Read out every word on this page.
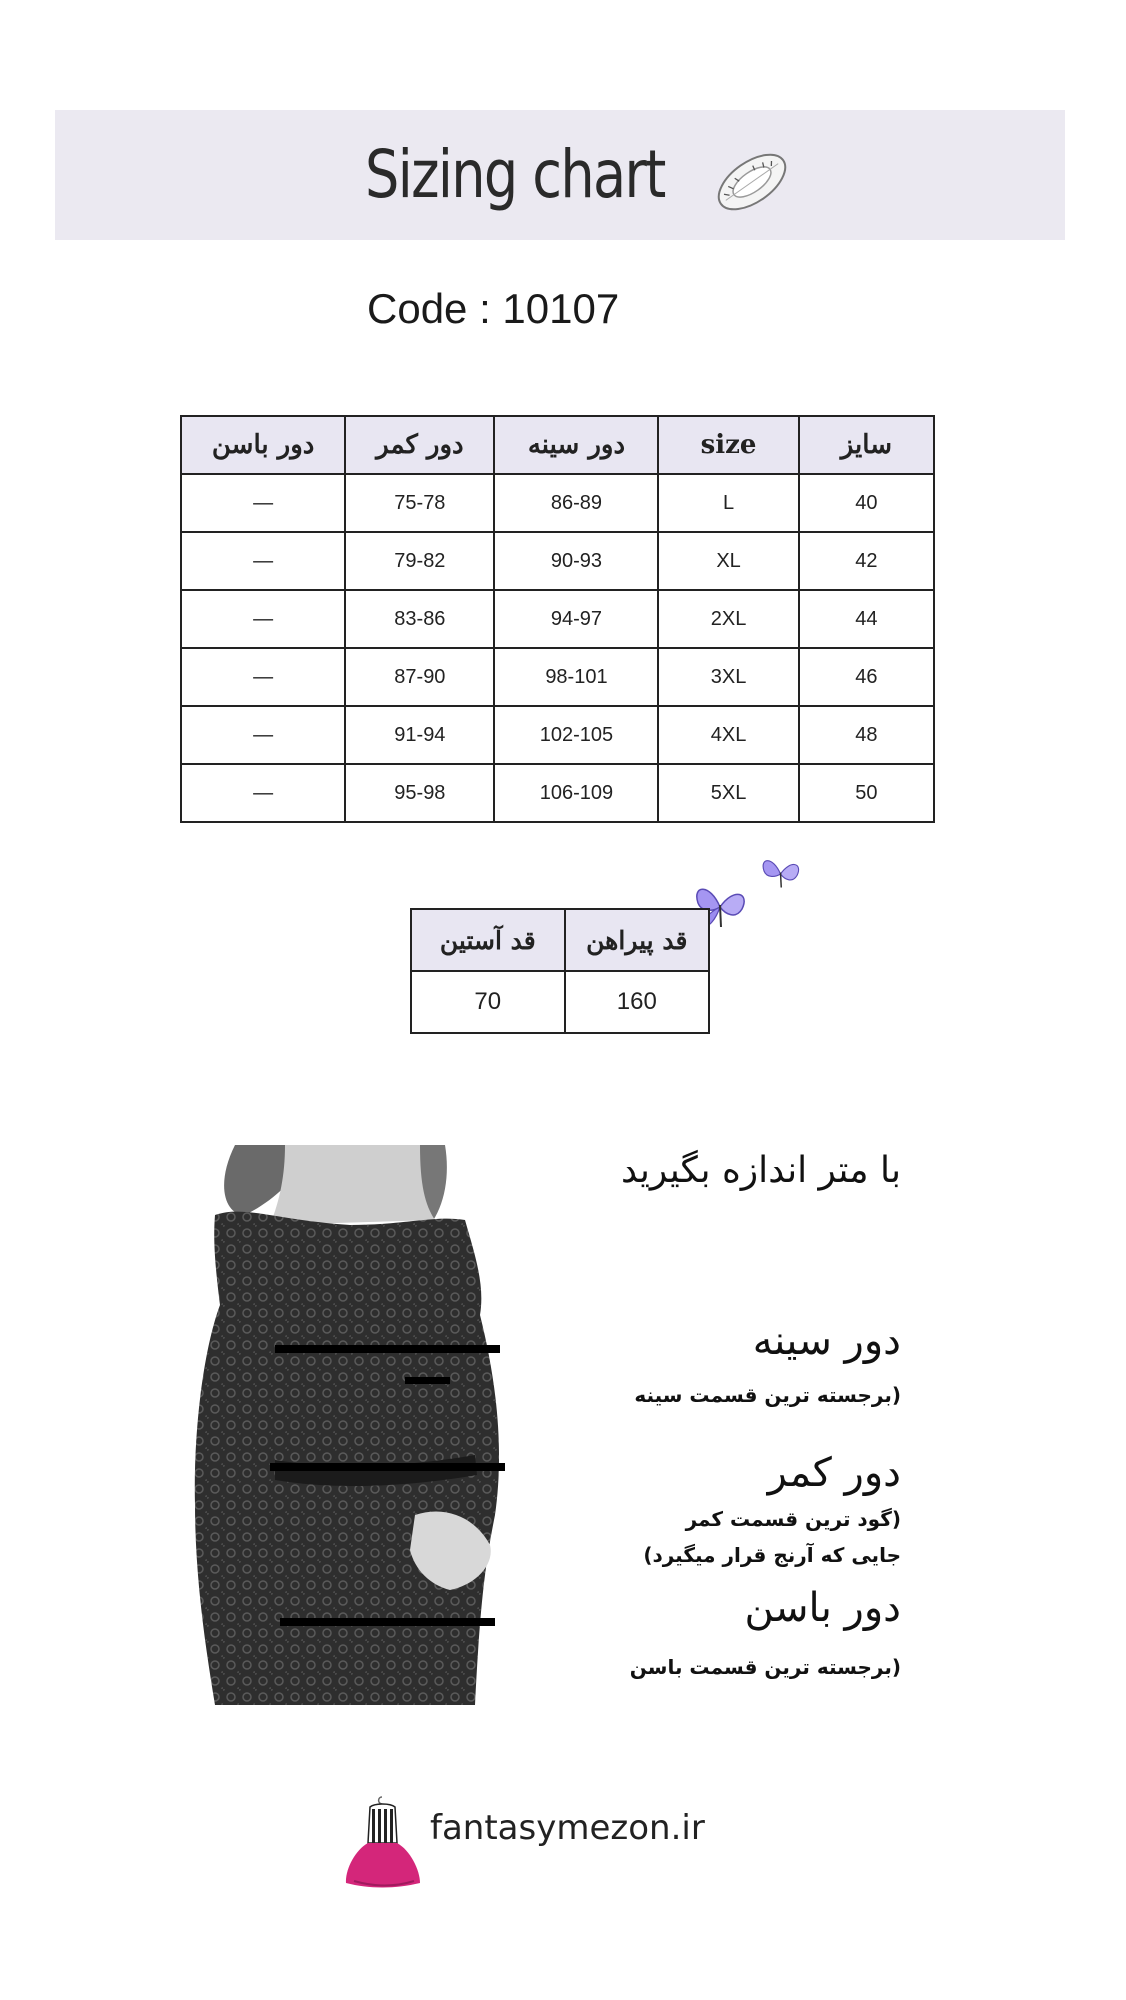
Sizing chart
Code : 10107
سایز	size	دور سینه	دور کمر	دور باسن
40	L	86-89	75-78	—
42	XL	90-93	79-82	—
44	2XL	94-97	83-86	—
46	3XL	98-101	87-90	—
48	4XL	102-105	91-94	—
50	5XL	106-109	95-98	—
قد پیراهن	قد آستین
160	70
با متر اندازه بگیرید
دور سینه
(برجسته ترین قسمت سینه
دور کمر
(گود ترین قسمت کمر
جایی که آرنج قرار میگیرد)
دور باسن
(برجسته ترین قسمت باسن
fantasymezon.ir
